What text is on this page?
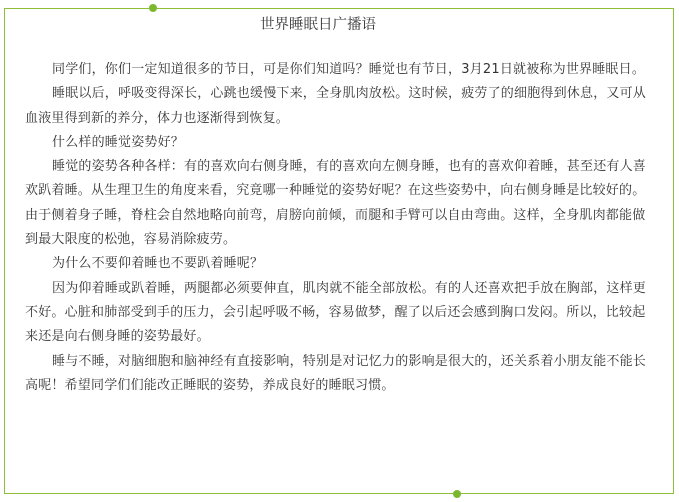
世界睡眠日广播语

同学们，你们一定知道很多的节日，可是你们知道吗？睡觉也有节日，3月21日就被称为世界睡眠日。

睡眠以后，呼吸变得深长，心跳也缓慢下来，全身肌肉放松。这时候，疲劳了的细胞得到休息，又可从血液里得到新的养分，体力也逐渐得到恢复。

什么样的睡觉姿势好？

睡觉的姿势各种各样：有的喜欢向右侧身睡，有的喜欢向左侧身睡，也有的喜欢仰着睡，甚至还有人喜欢趴着睡。从生理卫生的角度来看，究竟哪一种睡觉的姿势好呢？在这些姿势中，向右侧身睡是比较好的。由于侧着身子睡，脊柱会自然地略向前弯，肩膀向前倾，而腿和手臂可以自由弯曲。这样，全身肌肉都能做到最大限度的松弛，容易消除疲劳。

为什么不要仰着睡也不要趴着睡呢？

因为仰着睡或趴着睡，两腿都必须要伸直，肌肉就不能全部放松。有的人还喜欢把手放在胸部，这样更不好。心脏和肺部受到手的压力，会引起呼吸不畅，容易做梦，醒了以后还会感到胸口发闷。所以，比较起来还是向右侧身睡的姿势最好。

睡与不睡，对脑细胞和脑神经有直接影响，特别是对记忆力的影响是很大的，还关系着小朋友能不能长高呢！希望同学们们能改正睡眠的姿势，养成良好的睡眠习惯。
